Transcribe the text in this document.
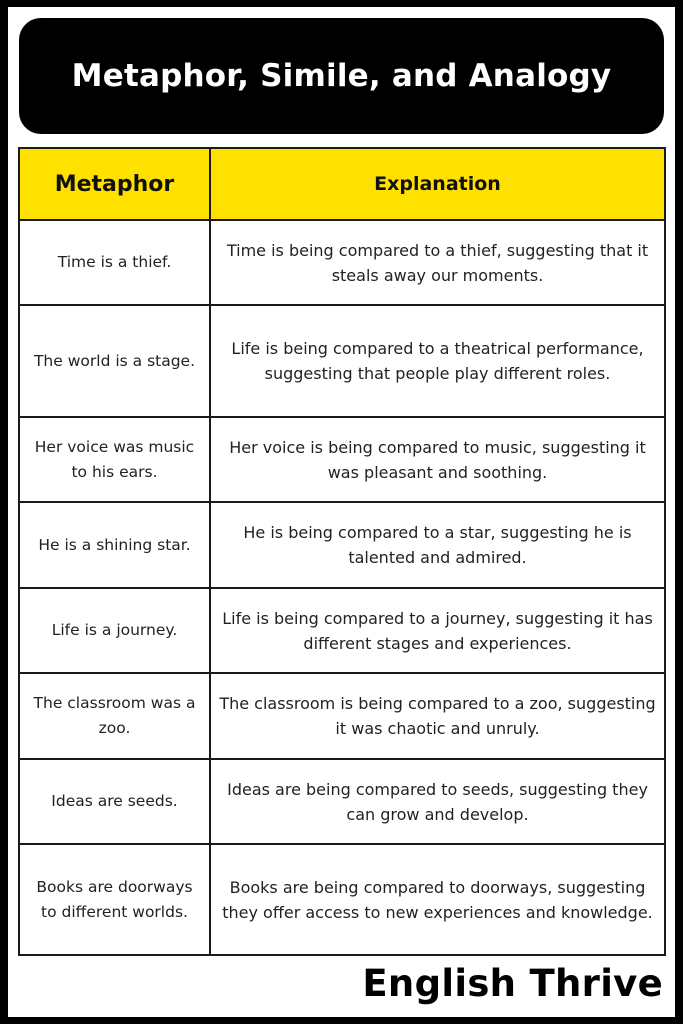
Metaphor, Simile, and Analogy
Metaphor	Explanation
Time is a thief.	Time is being compared to a thief, suggesting that it steals away our moments.
The world is a stage.	Life is being compared to a theatrical performance, suggesting that people play different roles.
Her voice was music to his ears.	Her voice is being compared to music, suggesting it was pleasant and soothing.
He is a shining star.	He is being compared to a star, suggesting he is talented and admired.
Life is a journey.	Life is being compared to a journey, suggesting it has different stages and experiences.
The classroom was a zoo.	The classroom is being compared to a zoo, suggesting it was chaotic and unruly.
Ideas are seeds.	Ideas are being compared to seeds, suggesting they can grow and develop.
Books are doorways to different worlds.	Books are being compared to doorways, suggesting they offer access to new experiences and knowledge.
English Thrive
